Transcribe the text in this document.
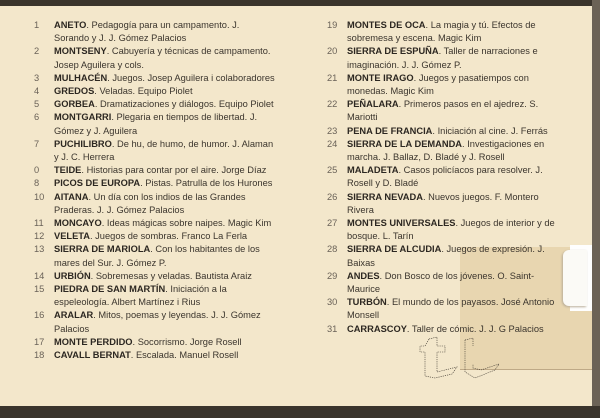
1	ANETO. Pedagogía para un campamento. J. Sorando y J. J. Gómez Palacios
2	MONTSENY. Cabuyería y técnicas de campamento. Josep Aguilera y cols.
3	MULHACÉN. Juegos. Josep Aguilera i colaboradores
4	GREDOS. Veladas. Equipo Piolet
5	GORBEA. Dramatizaciones y diálogos. Equipo Piolet
6	MONTGARRI. Plegaria en tiempos de libertad. J. Gómez y J. Aguilera
7	PUCHILIBRO. De hu, de humo, de humor. J. Alaman y J. C. Herrera
0	TEIDE. Historias para contar por el aire. Jorge Díaz
8	PICOS DE EUROPA. Pistas. Patrulla de los Hurones
10	AITANA. Un día con los indios de las Grandes Praderas. J. J. Gómez Palacios
11	MONCAYO. Ideas mágicas sobre naipes. Magic Kim
12	VELETA. Juegos de sombras. Franco La Ferla
13	SIERRA DE MARIOLA. Con los habitantes de los mares del Sur. J. Gómez P.
14	URBIÓN. Sobremesas y veladas. Bautista Araiz
15	PIEDRA DE SAN MARTÍN. Iniciación a la espeleología. Albert Martínez i Rius
16	ARALAR. Mitos, poemas y leyendas. J. J. Gómez Palacios
17	MONTE PERDIDO. Socorrismo. Jorge Rosell
18	CAVALL BERNAT. Escalada. Manuel Rosell
19	MONTES DE OCA. La magia y tú. Efectos de sobremesa y escena. Magic Kim
20	SIERRA DE ESPUÑA. Taller de narraciones e imaginación. J. J. Gómez P.
21	MONTE IRAGO. Juegos y pasatiempos con monedas. Magic Kim
22	PEÑALARA. Primeros pasos en el ajedrez. S. Mariotti
23	PENA DE FRANCIA. Iniciación al cine. J. Ferrás
24	SIERRA DE LA DEMANDA. Investigaciones en marcha. J. Ballaz, D. Bladé y J. Rosell
25	MALADETA. Casos policíacos para resolver. J. Rosell y D. Bladé
26	SIERRA NEVADA. Nuevos juegos. F. Montero Rivera
27	MONTES UNIVERSALES. Juegos de interior y de bosque. L. Tarín
28	SIERRA DE ALCUDIA. Juegos de expresión. J. Baixas
29	ANDES. Don Bosco de los jóvenes. O. Saint-Maurice
30	TURBÓN. El mundo de los payasos. José Antonio Monsell
31	CARRASCOY. Taller de cómic. J. J. G Palacios
